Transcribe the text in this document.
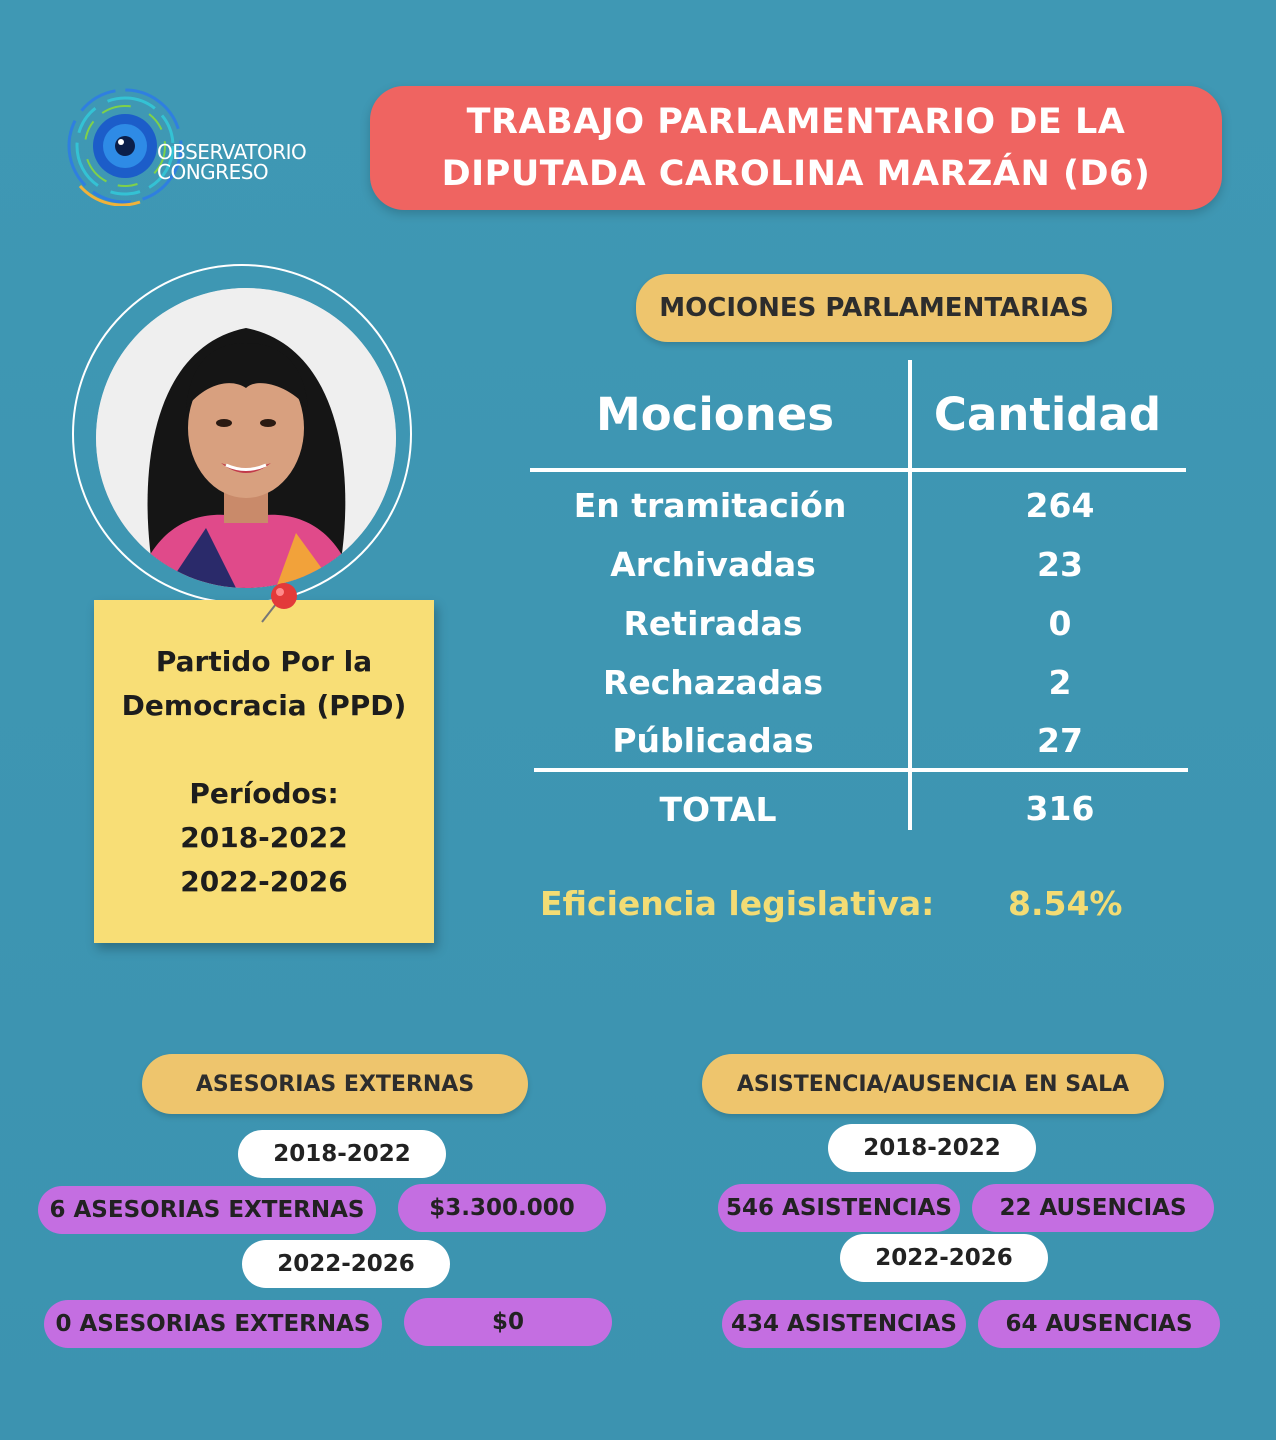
OBSERVATORIO
CONGRESO
TRABAJO PARLAMENTARIO DE LA
DIPUTADA CAROLINA MARZÁN (D6)
Partido Por la
Democracia (PPD)
Períodos:
2018-2022
2022-2026
MOCIONES PARLAMENTARIAS
Mociones	Cantidad
En tramitación	264
Archivadas	23
Retiradas	0
Rechazadas	2
Públicadas	27
TOTAL	316
Eficiencia legislativa: 8.54%
ASESORIAS EXTERNAS
2018-2022
6 ASESORIAS EXTERNAS	$3.300.000
2022-2026
0 ASESORIAS EXTERNAS	$0
ASISTENCIA/AUSENCIA EN SALA
2018-2022
546 ASISTENCIAS	22 AUSENCIAS
2022-2026
434 ASISTENCIAS	64 AUSENCIAS
